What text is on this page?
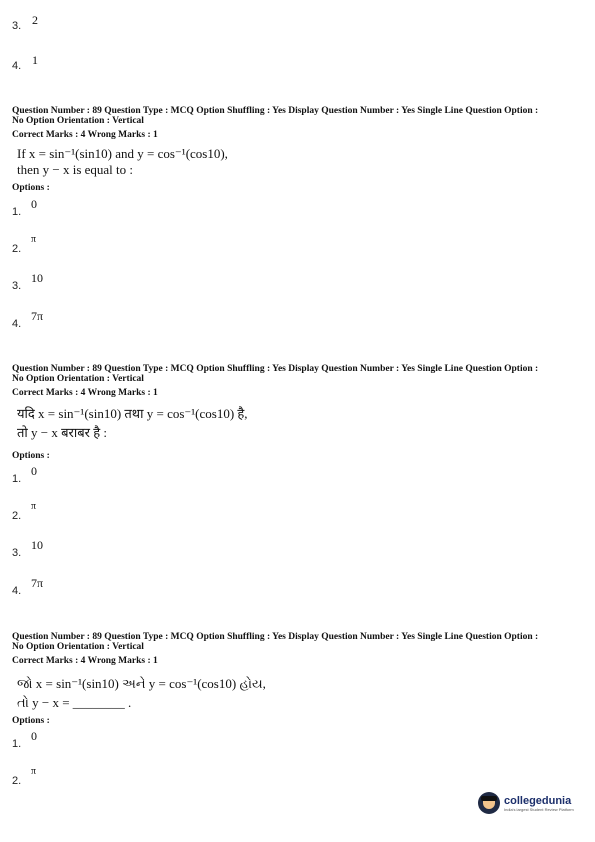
3. 2
4. 1
Question Number : 89 Question Type : MCQ Option Shuffling : Yes Display Question Number : Yes Single Line Question Option :
No Option Orientation : Vertical
Correct Marks : 4 Wrong Marks : 1
If x = sin⁻¹(sin10) and y = cos⁻¹(cos10),
then y − x is equal to :
Options :
1.
0
2.
π
3.
10
4.
7π
Question Number : 89 Question Type : MCQ Option Shuffling : Yes Display Question Number : Yes Single Line Question Option :
No Option Orientation : Vertical
Correct Marks : 4 Wrong Marks : 1
यदि x = sin⁻¹(sin10) तथा y = cos⁻¹(cos10) है,
तो y − x बराबर है :
Options :
1.
0
2.
π
3.
10
4.
7π
Question Number : 89 Question Type : MCQ Option Shuffling : Yes Display Question Number : Yes Single Line Question Option :
No Option Orientation : Vertical
Correct Marks : 4 Wrong Marks : 1
જો x = sin⁻¹(sin10) અને y = cos⁻¹(cos10) હોય,
તો y − x = ________ .
Options :
1.
0
2.
π
collegedunia
India's largest Student Review Platform
